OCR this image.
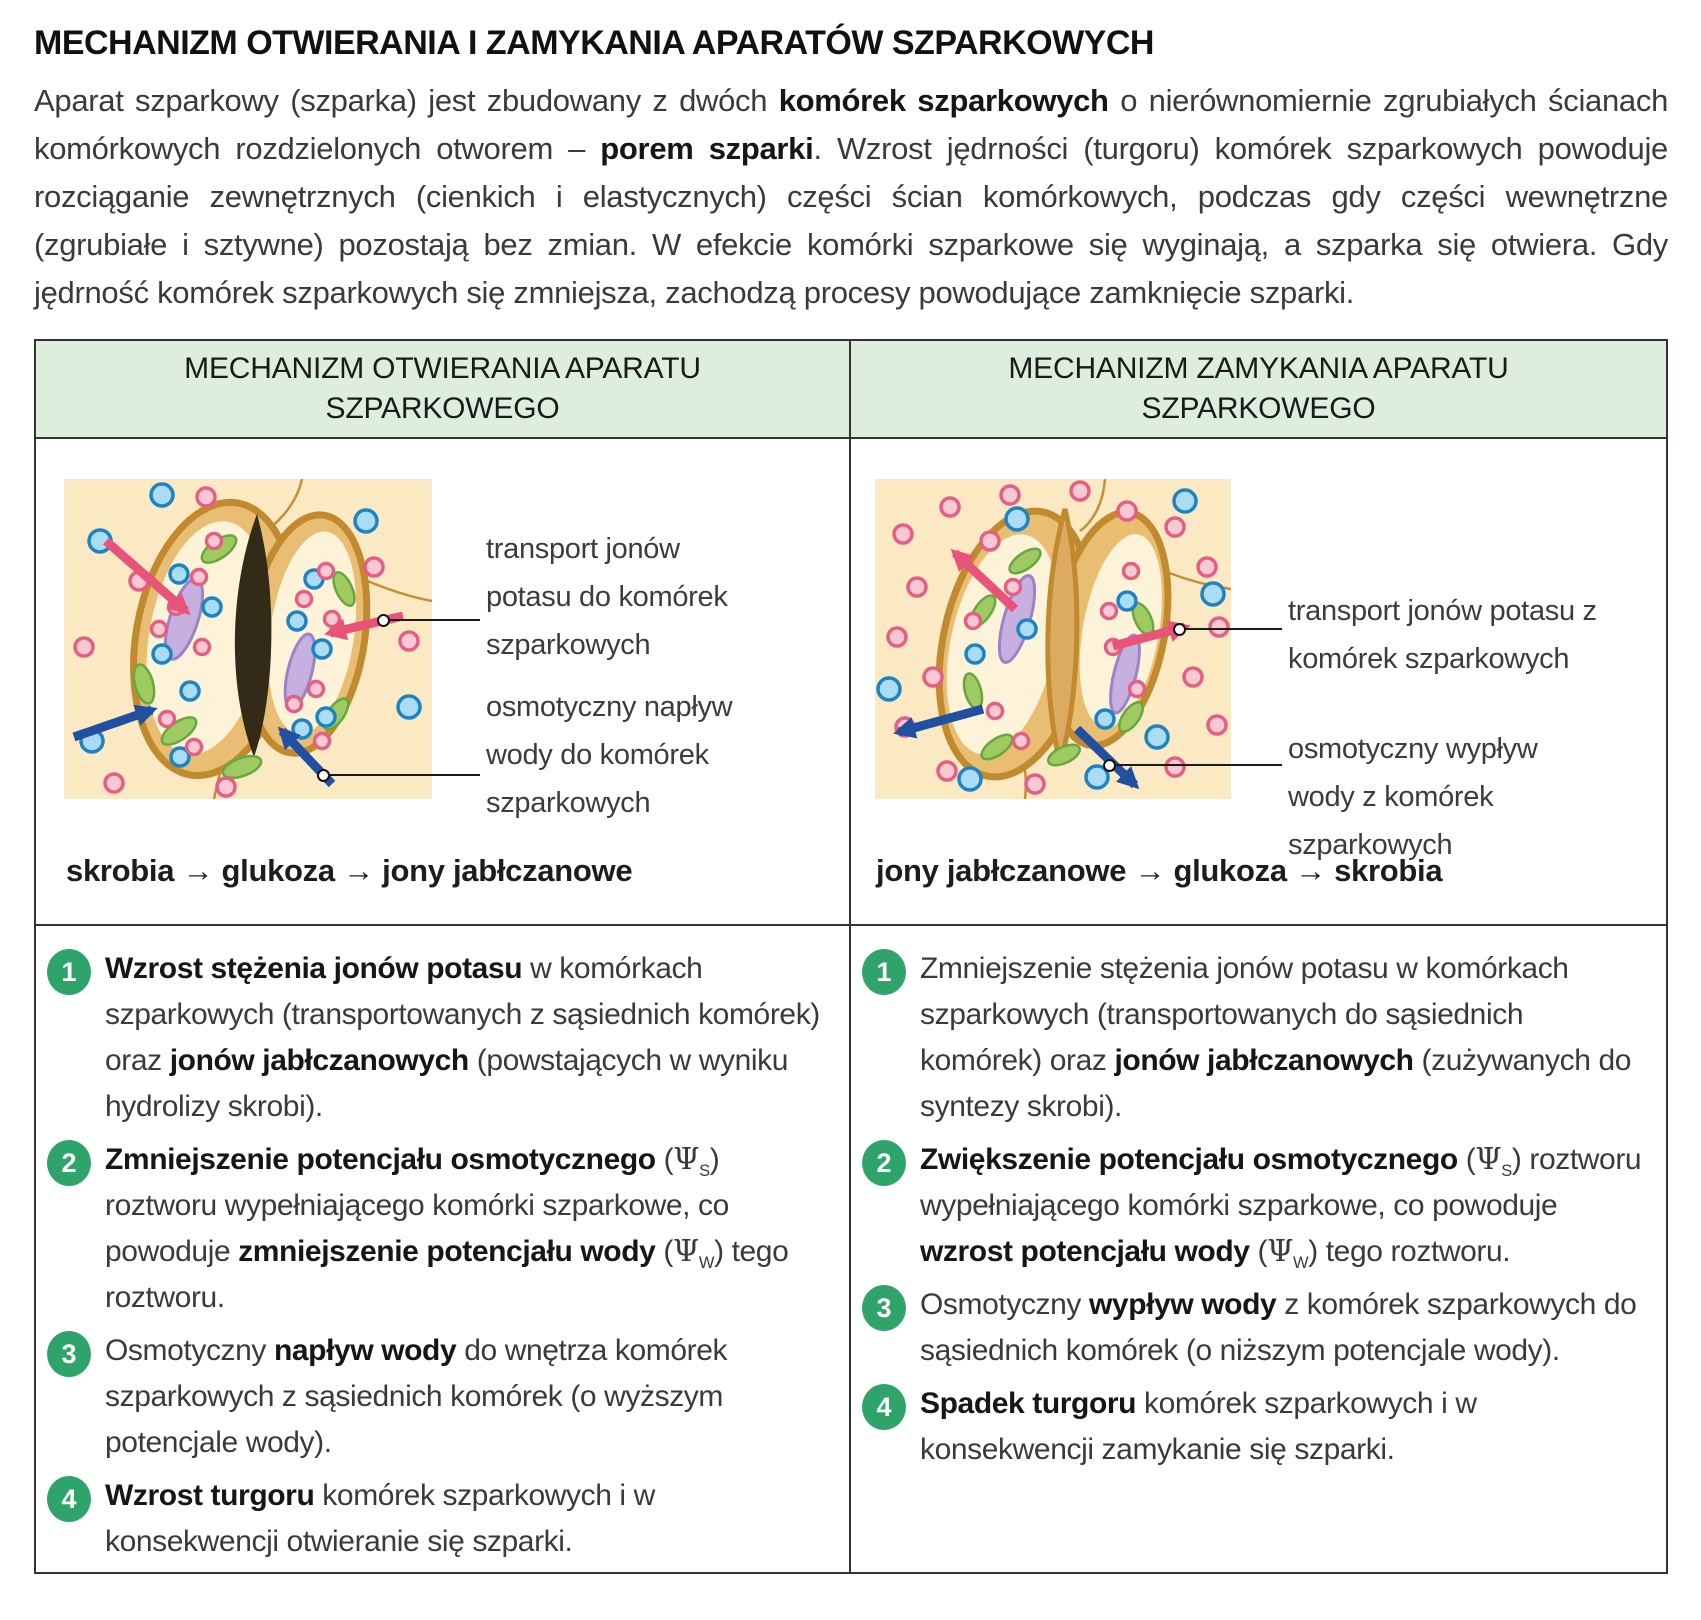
MECHANIZM OTWIERANIA I ZAMYKANIA APARATÓW SZPARKOWYCH

Aparat szparkowy (szparka) jest zbudowany z dwóch komórek szparkowych o nierównomiernie zgrubiałych ścianach komórkowych rozdzielonych otworem – porem szparki. Wzrost jędrności (turgoru) komórek szparkowych powoduje rozciąganie zewnętrznych (cienkich i elastycznych) części ścian komórkowych, podczas gdy części wewnętrzne (zgrubiałe i sztywne) pozostają bez zmian. W efekcie komórki szparkowe się wyginają, a szparka się otwiera. Gdy jędrność komórek szparkowych się zmniejsza, zachodzą procesy powodujące zamknięcie szparki.

MECHANIZM OTWIERANIA APARATU SZPARKOWEGO
MECHANIZM ZAMYKANIA APARATU SZPARKOWEGO
transport jonów potasu do komórek szparkowych
osmotyczny napływ wody do komórek szparkowych
skrobia → glukoza → jony jabłczanowe
transport jonów potasu z komórek szparkowych
osmotyczny wypływ wody z komórek szparkowych
jony jabłczanowe → glukoza → skrobia
1 Wzrost stężenia jonów potasu w komórkach szparkowych (transportowanych z sąsiednich komórek) oraz jonów jabłczanowych (powstających w wyniku hydrolizy skrobi).
2 Zmniejszenie potencjału osmotycznego $(\Psi_S)$ roztworu wypełniającego komórki szparkowe, co powoduje zmniejszenie potencjału wody $(\Psi_W)$ tego roztworu.
3 Osmotyczny napływ wody do wnętrza komórek szparkowych z sąsiednich komórek (o wyższym potencjale wody).
4 Wzrost turgoru komórek szparkowych i w konsekwencji otwieranie się szparki.
1 Zmniejszenie stężenia jonów potasu w komórkach szparkowych (transportowanych do sąsiednich komórek) oraz jonów jabłczanowych (zużywanych do syntezy skrobi).
2 Zwiększenie potencjału osmotycznego $(\Psi_S)$ roztworu wypełniającego komórki szparkowe, co powoduje wzrost potencjału wody $(\Psi_W)$ tego roztworu.
3 Osmotyczny wypływ wody z komórek szparkowych do sąsiednich komórek (o niższym potencjale wody).
4 Spadek turgoru komórek szparkowych i w konsekwencji zamykanie się szparki.
